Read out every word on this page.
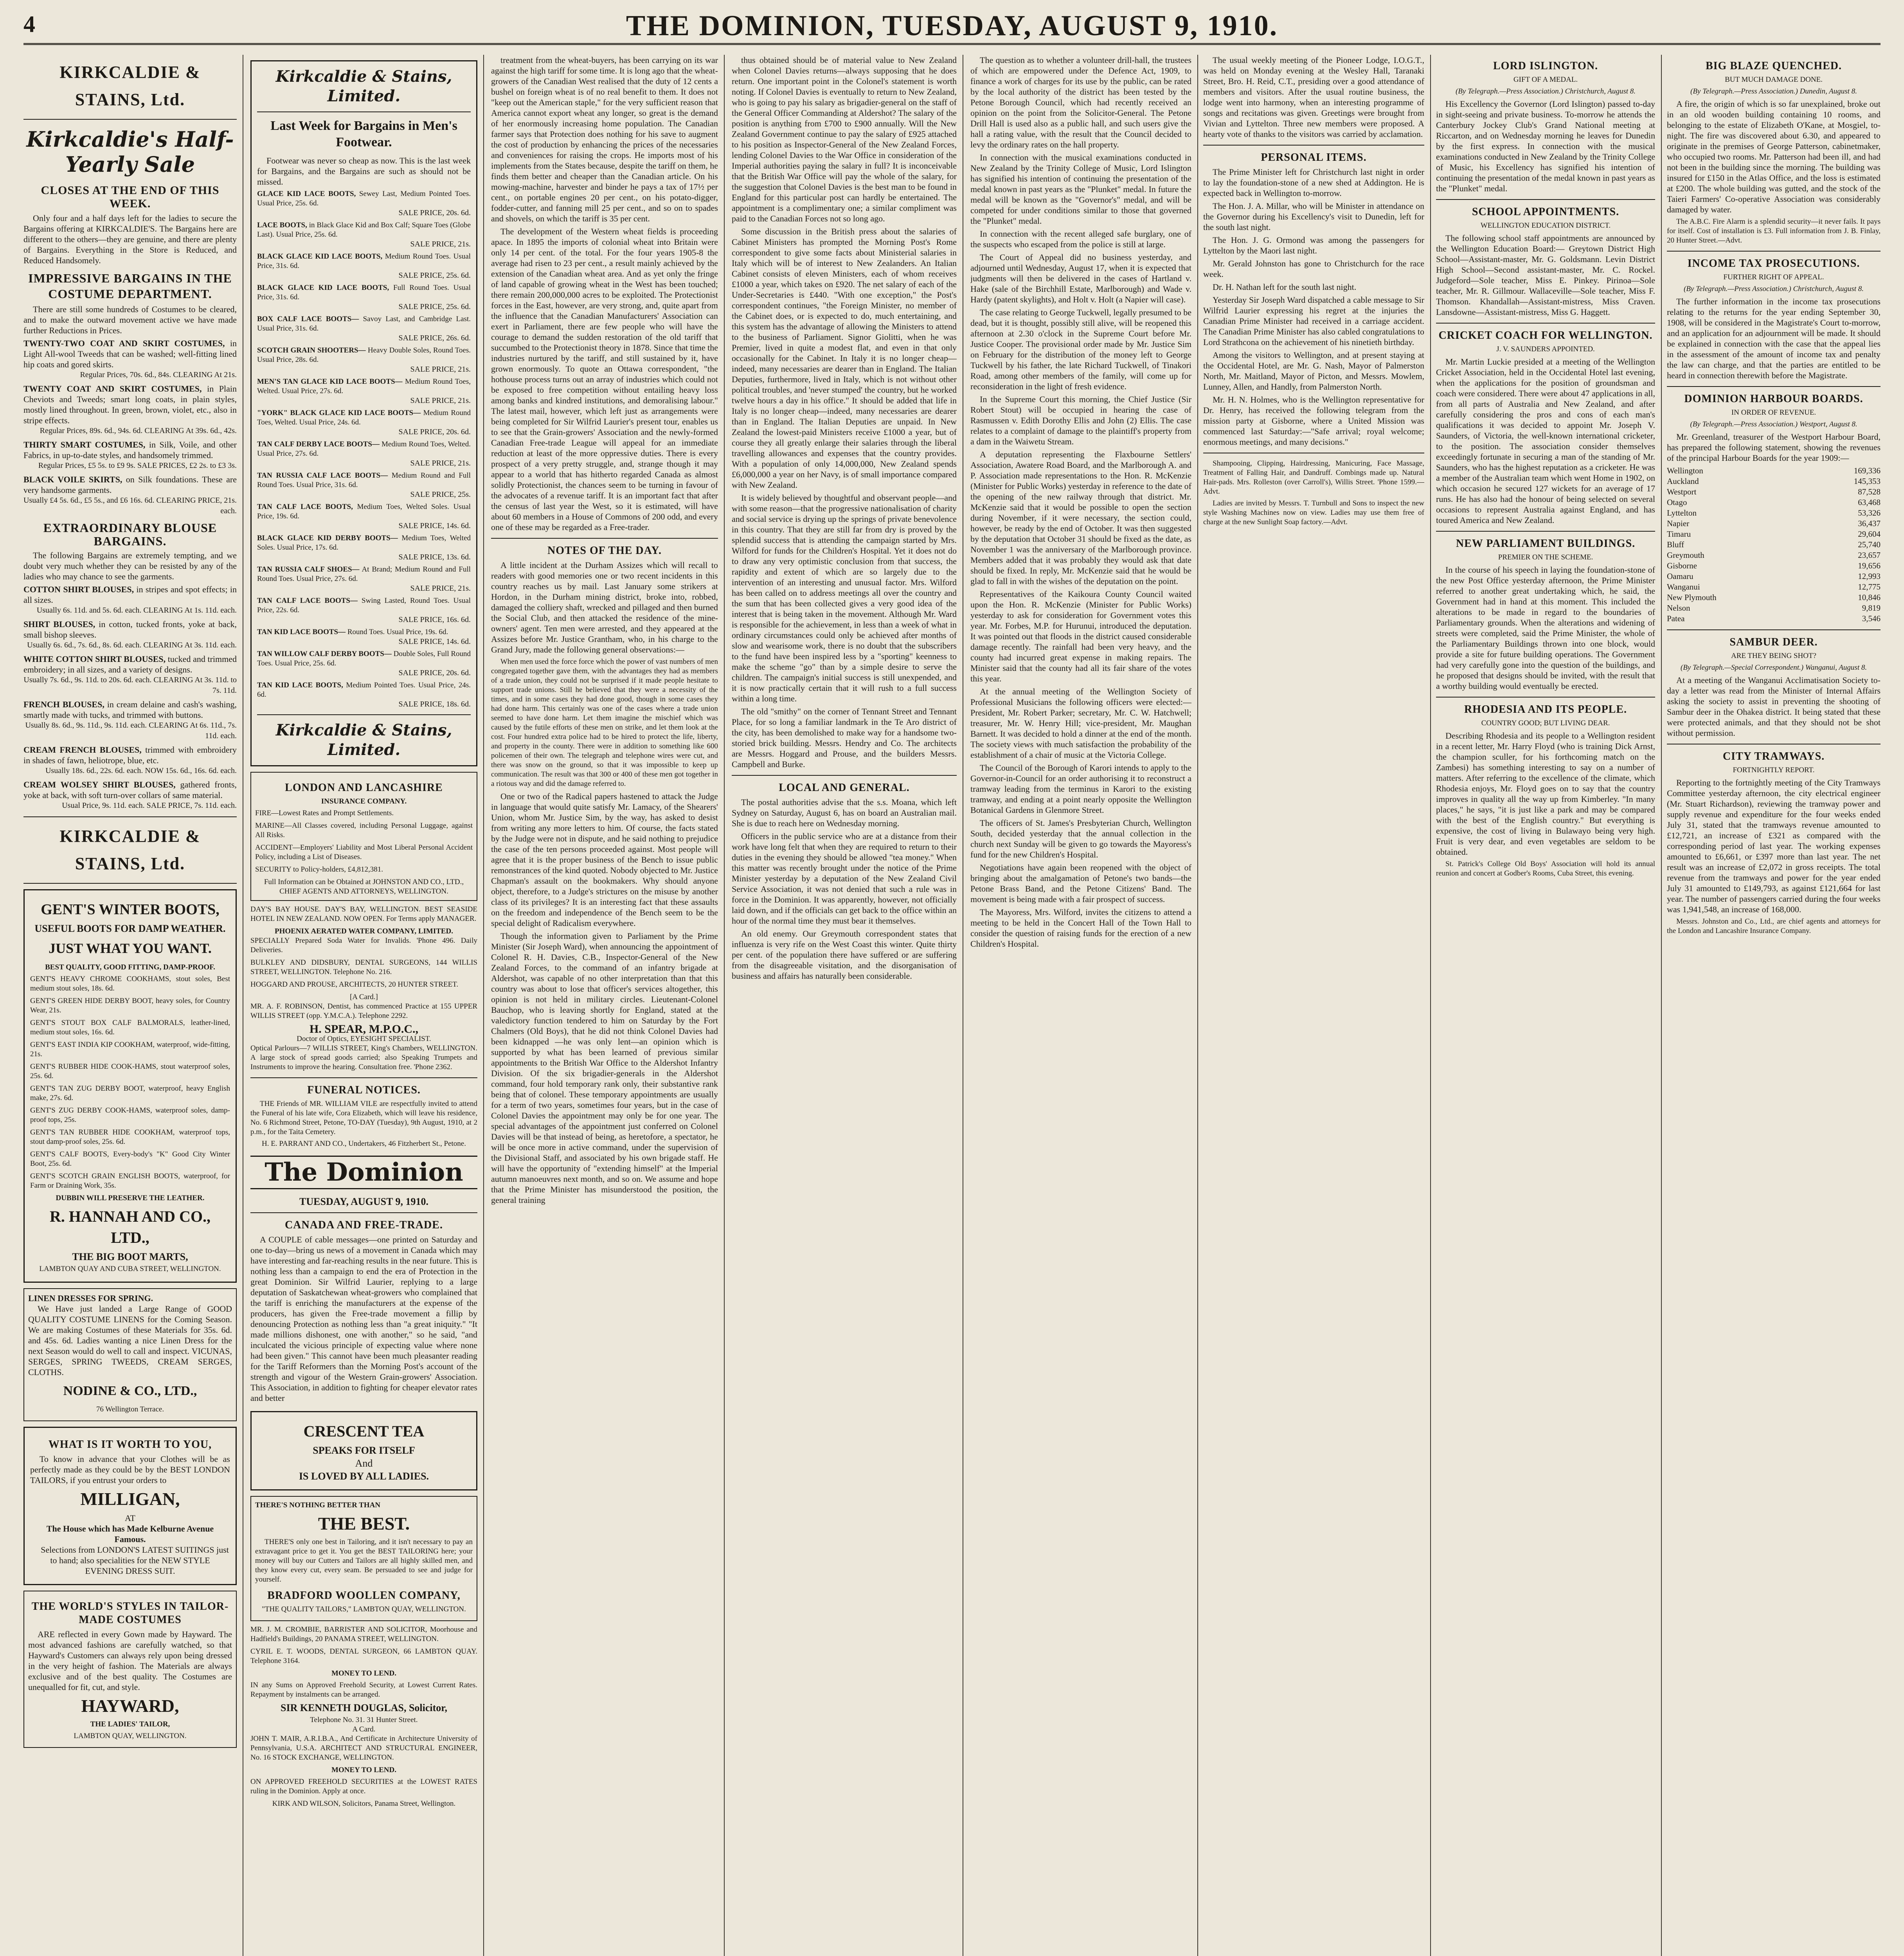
4	THE DOMINION, TUESDAY, AUGUST 9, 1910.
KIRKCALDIE & STAINS, Ltd.
Kirkcaldie's Half-Yearly Sale
CLOSES AT THE END OF THIS WEEK.

Only four and a half days left for the ladies to secure the Bargains offering at KIRKCALDIE'S. The Bargains here are different to the others—they are genuine, and there are plenty of Bargains. Everything in the Store is Reduced, and Reduced Handsomely.

IMPRESSIVE BARGAINS IN THE COSTUME DEPARTMENT.

There are still some hundreds of Costumes to be cleared, and to make the outward movement active we have made further Reductions in Prices.

TWENTY-TWO COAT AND SKIRT COSTUMES, in Light All-wool Tweeds that can be washed; well-fitting lined hip coats and gored skirts.
Regular Prices, 70s. 6d., 84s. CLEARING At 21s.
TWENTY COAT AND SKIRT COSTUMES, in Plain Cheviots and Tweeds; smart long coats, in plain styles, mostly lined throughout. In green, brown, violet, etc., also in stripe effects.
Regular Prices, 89s. 6d., 94s. 6d. CLEARING At 39s. 6d., 42s.
THIRTY SMART COSTUMES, in Silk, Voile, and other Fabrics, in up-to-date styles, and handsomely trimmed.
Regular Prices, £5 5s. to £9 9s. SALE PRICES, £2 2s. to £3 3s.
BLACK VOILE SKIRTS, on Silk foundations. These are very handsome garments.
Usually £4 5s. 6d., £5 5s., and £6 16s. 6d. CLEARING PRICE, 21s. each.
EXTRAORDINARY BLOUSE BARGAINS.

The following Bargains are extremely tempting, and we doubt very much whether they can be resisted by any of the ladies who may chance to see the garments.

COTTON SHIRT BLOUSES, in stripes and spot effects; in all sizes.
Usually 6s. 11d. and 5s. 6d. each. CLEARING At 1s. 11d. each.
SHIRT BLOUSES, in cotton, tucked fronts, yoke at back, small bishop sleeves.
Usually 6s. 6d., 7s. 6d., 8s. 6d. each. CLEARING At 3s. 11d. each.
WHITE COTTON SHIRT BLOUSES, tucked and trimmed embroidery; in all sizes, and a variety of designs.
Usually 7s. 6d., 9s. 11d. to 20s. 6d. each. CLEARING At 3s. 11d. to 7s. 11d.
FRENCH BLOUSES, in cream delaine and cash's washing, smartly made with tucks, and trimmed with buttons.
Usually 8s. 6d., 9s. 11d., 9s. 11d. each. CLEARING At 6s. 11d., 7s. 11d. each.
CREAM FRENCH BLOUSES, trimmed with embroidery in shades of fawn, heliotrope, blue, etc.
Usually 18s. 6d., 22s. 6d. each. NOW 15s. 6d., 16s. 6d. each.
CREAM WOLSEY SHIRT BLOUSES, gathered fronts, yoke at back, with soft turn-over collars of same material.
Usual Price, 9s. 11d. each. SALE PRICE, 7s. 11d. each.
KIRKCALDIE & STAINS, Ltd.
GENT'S WINTER BOOTS,
USEFUL BOOTS FOR DAMP WEATHER.
JUST WHAT YOU WANT.
BEST QUALITY, GOOD FITTING, DAMP-PROOF.
GENT'S HEAVY CHROME COOKHAMS, stout soles, Best medium stout soles, 18s. 6d.
GENT'S GREEN HIDE DERBY BOOT, heavy soles, for Country Wear, 21s.
GENT'S STOUT BOX CALF BALMORALS, leather-lined, medium stout soles, 16s. 6d.
GENT'S EAST INDIA KIP COOKHAM, waterproof, wide-fitting, 21s.
GENT'S RUBBER HIDE COOK-HAMS, stout waterproof soles, 25s. 6d.
GENT'S TAN ZUG DERBY BOOT, waterproof, heavy English make, 27s. 6d.
GENT'S ZUG DERBY COOK-HAMS, waterproof soles, damp-proof tops, 25s.
GENT'S TAN RUBBER HIDE COOKHAM, waterproof tops, stout damp-proof soles, 25s. 6d.
GENT'S CALF BOOTS, Every-body's "K" Good City Winter Boot, 25s. 6d.
GENT'S SCOTCH GRAIN ENGLISH BOOTS, waterproof, for Farm or Draining Work, 35s.
DUBBIN WILL PRESERVE THE LEATHER.
R. HANNAH AND CO., LTD.,
THE BIG BOOT MARTS,
LAMBTON QUAY AND CUBA STREET, WELLINGTON.
LINEN DRESSES FOR SPRING.

We Have just landed a Large Range of GOOD QUALITY COSTUME LINENS for the Coming Season. We are making Costumes of these Materials for 35s. 6d. and 45s. 6d. Ladies wanting a nice Linen Dress for the next Season would do well to call and inspect. VICUNAS, SERGES, SPRING TWEEDS, CREAM SERGES, CLOTHS.

NODINE & CO., LTD.,
76 Wellington Terrace.
WHAT IS IT WORTH TO YOU,

To know in advance that your Clothes will be as perfectly made as they could be by the BEST LONDON TAILORS, if you entrust your orders to

MILLIGAN,
AT
The House which has Made Kelburne Avenue Famous.

Selections from LONDON'S LATEST SUITINGS just to hand; also specialities for the NEW STYLE EVENING DRESS SUIT.

THE WORLD'S STYLES IN TAILOR-MADE COSTUMES

ARE reflected in every Gown made by Hayward. The most advanced fashions are carefully watched, so that Hayward's Customers can always rely upon being dressed in the very height of fashion. The Materials are always exclusive and of the best quality. The Costumes are unequalled for fit, cut, and style.

HAYWARD,
THE LADIES' TAILOR,
LAMBTON QUAY, WELLINGTON.
Kirkcaldie & Stains, Limited.
Last Week for Bargains in Men's Footwear.

Footwear was never so cheap as now. This is the last week for Bargains, and the Bargains are such as should not be missed.

GLACE KID LACE BOOTS, Sewey Last, Medium Pointed Toes. Usual Price, 25s. 6d.
SALE PRICE, 20s. 6d.
LACE BOOTS, in Black Glace Kid and Box Calf; Square Toes (Globe Last). Usual Price, 25s. 6d.
SALE PRICE, 21s.
BLACK GLACE KID LACE BOOTS, Medium Round Toes. Usual Price, 31s. 6d.
SALE PRICE, 25s. 6d.
BLACK GLACE KID LACE BOOTS, Full Round Toes. Usual Price, 31s. 6d.
SALE PRICE, 25s. 6d.
BOX CALF LACE BOOTS— Savoy Last, and Cambridge Last. Usual Price, 31s. 6d.
SALE PRICE, 26s. 6d.
SCOTCH GRAIN SHOOTERS— Heavy Double Soles, Round Toes. Usual Price, 28s. 6d.
SALE PRICE, 21s.
MEN'S TAN GLACE KID LACE BOOTS— Medium Round Toes, Welted. Usual Price, 27s. 6d.
SALE PRICE, 21s.
"YORK" BLACK GLACE KID LACE BOOTS— Medium Round Toes, Welted. Usual Price, 24s. 6d.
SALE PRICE, 20s. 6d.
TAN CALF DERBY LACE BOOTS— Medium Round Toes, Welted. Usual Price, 27s. 6d.
SALE PRICE, 21s.
TAN RUSSIA CALF LACE BOOTS— Medium Round and Full Round Toes. Usual Price, 31s. 6d.
SALE PRICE, 25s.
TAN CALF LACE BOOTS, Medium Toes, Welted Soles. Usual Price, 19s. 6d.
SALE PRICE, 14s. 6d.
BLACK GLACE KID DERBY BOOTS— Medium Toes, Welted Soles. Usual Price, 17s. 6d.
SALE PRICE, 13s. 6d.
TAN RUSSIA CALF SHOES— At Brand; Medium Round and Full Round Toes. Usual Price, 27s. 6d.
SALE PRICE, 21s.
TAN CALF LACE BOOTS— Swing Lasted, Round Toes. Usual Price, 22s. 6d.
SALE PRICE, 16s. 6d.
TAN KID LACE BOOTS— Round Toes. Usual Price, 19s. 6d.
SALE PRICE, 14s. 6d.
TAN WILLOW CALF DERBY BOOTS— Double Soles, Full Round Toes. Usual Price, 25s. 6d.
SALE PRICE, 20s. 6d.
TAN KID LACE BOOTS, Medium Pointed Toes. Usual Price, 24s. 6d.
SALE PRICE, 18s. 6d.
Kirkcaldie & Stains, Limited.
LONDON AND LANCASHIRE
INSURANCE COMPANY.
FIRE—Lowest Rates and Prompt Settlements.
MARINE—All Classes covered, including Personal Luggage, against All Risks.
ACCIDENT—Employers' Liability and Most Liberal Personal Accident Policy, including a List of Diseases.
SECURITY to Policy-holders, £4,812,381.
Full Information can be Obtained at JOHNSTON AND CO., LTD., CHIEF AGENTS AND ATTORNEYS, WELLINGTON.
DAY'S BAY HOUSE. DAY'S BAY, WELLINGTON. BEST SEASIDE HOTEL IN NEW ZEALAND. NOW OPEN. For Terms apply MANAGER.
PHOENIX AERATED WATER COMPANY, LIMITED.
SPECIALLY Prepared Soda Water for Invalids. 'Phone 496. Daily Deliveries.
BULKLEY AND DIDSBURY, DENTAL SURGEONS, 144 WILLIS STREET, WELLINGTON. Telephone No. 216.
HOGGARD AND PROUSE, ARCHITECTS, 20 HUNTER STREET.
[A Card.]
MR. A. F. ROBINSON, Dentist, has commenced Practice at 155 UPPER WILLIS STREET (opp. Y.M.C.A.). Telephone 2292.
H. SPEAR, M.P.O.C.,
Doctor of Optics, EYESIGHT SPECIALIST.
Optical Parlours—7 WILLIS STREET, King's Chambers, WELLINGTON. A large stock of spread goods carried; also Speaking Trumpets and Instruments to improve the hearing. Consultation free. 'Phone 2362.
FUNERAL NOTICES.

THE Friends of MR. WILLIAM VILE are respectfully invited to attend the Funeral of his late wife, Cora Elizabeth, which will leave his residence, No. 6 Richmond Street, Petone, TO-DAY (Tuesday), 9th August, 1910, at 2 p.m., for the Taita Cemetery.

H. E. PARRANT AND CO., Undertakers, 46 Fitzherbert St., Petone.
The Dominion
TUESDAY, AUGUST 9, 1910.
CANADA AND FREE-TRADE.

A COUPLE of cable messages—one printed on Saturday and one to-day—bring us news of a movement in Canada which may have interesting and far-reaching results in the near future. This is nothing less than a campaign to end the era of Protection in the great Dominion. Sir Wilfrid Laurier, replying to a large deputation of Saskatchewan wheat-growers who complained that the tariff is enriching the manufacturers at the expense of the producers, has given the Free-trade movement a fillip by denouncing Protection as nothing less than "a great iniquity." "It made millions dishonest, one with another," so he said, "and inculcated the vicious principle of expecting value where none had been given." This cannot have been much pleasanter reading for the Tariff Reformers than the Morning Post's account of the strength and vigour of the Western Grain-growers' Association. This Association, in addition to fighting for cheaper elevator rates and better

CRESCENT TEA
SPEAKS FOR ITSELF
And
IS LOVED BY ALL LADIES.
THERE'S NOTHING BETTER THAN
THE BEST.

THERE'S only one best in Tailoring, and it isn't necessary to pay an extravagant price to get it. You get the BEST TAILORING here; your money will buy our Cutters and Tailors are all highly skilled men, and they know every cut, every seam. Be persuaded to see and judge for yourself.

BRADFORD WOOLLEN COMPANY,
"THE QUALITY TAILORS," LAMBTON QUAY, WELLINGTON.
MR. J. M. CROMBIE, BARRISTER AND SOLICITOR, Moorhouse and Hadfield's Buildings, 20 PANAMA STREET, WELLINGTON.
CYRIL E. T. WOODS, DENTAL SURGEON, 66 LAMBTON QUAY. Telephone 3164.
MONEY TO LEND.
IN any Sums on Approved Freehold Security, at Lowest Current Rates. Repayment by instalments can be arranged.
SIR KENNETH DOUGLAS, Solicitor,
Telephone No. 31. 31 Hunter Street.
A Card.
JOHN T. MAIR, A.R.I.B.A., And Certificate in Architecture University of Pennsylvania, U.S.A. ARCHITECT AND STRUCTURAL ENGINEER, No. 16 STOCK EXCHANGE, WELLINGTON.
MONEY TO LEND.
ON APPROVED FREEHOLD SECURITIES at the LOWEST RATES ruling in the Dominion. Apply at once.
KIRK AND WILSON, Solicitors, Panama Street, Wellington.

treatment from the wheat-buyers, has been carrying on its war against the high tariff for some time. It is long ago that the wheat-growers of the Canadian West realised that the duty of 12 cents a bushel on foreign wheat is of no real benefit to them. It does not "keep out the American staple," for the very sufficient reason that America cannot export wheat any longer, so great is the demand of her enormously increasing home population. The Canadian farmer says that Protection does nothing for his save to augment the cost of production by enhancing the prices of the necessaries and conveniences for raising the crops. He imports most of his implements from the States because, despite the tariff on them, he finds them better and cheaper than the Canadian article. On his mowing-machine, harvester and binder he pays a tax of 17½ per cent., on portable engines 20 per cent., on his potato-digger, fodder-cutter, and fanning mill 25 per cent., and so on to spades and shovels, on which the tariff is 35 per cent.

The development of the Western wheat fields is proceeding apace. In 1895 the imports of colonial wheat into Britain were only 14 per cent. of the total. For the four years 1905-8 the average had risen to 23 per cent., a result mainly achieved by the extension of the Canadian wheat area. And as yet only the fringe of land capable of growing wheat in the West has been touched; there remain 200,000,000 acres to be exploited. The Protectionist forces in the East, however, are very strong, and, quite apart from the influence that the Canadian Manufacturers' Association can exert in Parliament, there are few people who will have the courage to demand the sudden restoration of the old tariff that succumbed to the Protectionist theory in 1878. Since that time the industries nurtured by the tariff, and still sustained by it, have grown enormously. To quote an Ottawa correspondent, "the hothouse process turns out an array of industries which could not be exposed to free competition without entailing heavy loss among banks and kindred institutions, and demoralising labour." The latest mail, however, which left just as arrangements were being completed for Sir Wilfrid Laurier's present tour, enables us to see that the Grain-growers' Association and the newly-formed Canadian Free-trade League will appeal for an immediate reduction at least of the more oppressive duties. There is every prospect of a very pretty struggle, and, strange though it may appear to a world that has hitherto regarded Canada as almost solidly Protectionist, the chances seem to be turning in favour of the advocates of a revenue tariff. It is an important fact that after the census of last year the West, so it is estimated, will have about 60 members in a House of Commons of 200 odd, and every one of these may be regarded as a Free-trader.

NOTES OF THE DAY.

A little incident at the Durham Assizes which will recall to readers with good memories one or two recent incidents in this country reaches us by mail. Last January some strikers at Hordon, in the Durham mining district, broke into, robbed, damaged the colliery shaft, wrecked and pillaged and then burned the Social Club, and then attacked the residence of the mine-owners' agent. Ten men were arrested, and they appeared at the Assizes before Mr. Justice Grantham, who, in his charge to the Grand Jury, made the following general observations:—

When men used the force force which the power of vast numbers of men congregated together gave them, with the advantages they had as members of a trade union, they could not be surprised if it made people hesitate to support trade unions. Still he believed that they were a necessity of the times, and in some cases they had done good, though in some cases they had done harm. This certainly was one of the cases where a trade union seemed to have done harm. Let them imagine the mischief which was caused by the futile efforts of these men on strike, and let them look at the cost. Four hundred extra police had to be hired to protect the life, liberty, and property in the county. There were in addition to something like 600 policemen of their own. The telegraph and telephone wires were cut, and there was snow on the ground, so that it was impossible to keep up communication. The result was that 300 or 400 of these men got together in a riotous way and did the damage referred to.

One or two of the Radical papers hastened to attack the Judge in language that would quite satisfy Mr. Lamacy, of the Shearers' Union, whom Mr. Justice Sim, by the way, has asked to desist from writing any more letters to him. Of course, the facts stated by the Judge were not in dispute, and he said nothing to prejudice the case of the ten persons proceeded against. Most people will agree that it is the proper business of the Bench to issue public remonstrances of the kind quoted. Nobody objected to Mr. Justice Chapman's assault on the bookmakers. Why should anyone object, therefore, to a Judge's strictures on the misuse by another class of its privileges? It is an interesting fact that these assaults on the freedom and independence of the Bench seem to be the special delight of Radicalism everywhere.

Though the information given to Parliament by the Prime Minister (Sir Joseph Ward), when announcing the appointment of Colonel R. H. Davies, C.B., Inspector-General of the New Zealand Forces, to the command of an infantry brigade at Aldershot, was capable of no other interpretation than that this country was about to lose that officer's services altogether, this opinion is not held in military circles. Lieutenant-Colonel Bauchop, who is leaving shortly for England, stated at the valedictory function tendered to him on Saturday by the Fort Chalmers (Old Boys), that he did not think Colonel Davies had been kidnapped —he was only lent—an opinion which is supported by what has been learned of previous similar appointments to the British War Office to the Aldershot Infantry Division. Of the six brigadier-generals in the Aldershot command, four hold temporary rank only, their substantive rank being that of colonel. These temporary appointments are usually for a term of two years, sometimes four years, but in the case of Colonel Davies the appointment may only be for one year. The special advantages of the appointment just conferred on Colonel Davies will be that instead of being, as heretofore, a spectator, he will be once more in active command, under the supervision of the Divisional Staff, and associated by his own brigade staff. He will have the opportunity of "extending himself" at the Imperial autumn manoeuvres next month, and so on. We assume and hope that the Prime Minister has misunderstood the position, the general training

thus obtained should be of material value to New Zealand when Colonel Davies returns—always supposing that he does return. One important point in the Colonel's statement is worth noting. If Colonel Davies is eventually to return to New Zealand, who is going to pay his salary as brigadier-general on the staff of the General Officer Commanding at Aldershot? The salary of the position is anything from £700 to £900 annually. Will the New Zealand Government continue to pay the salary of £925 attached to his position as Inspector-General of the New Zealand Forces, lending Colonel Davies to the War Office in consideration of the Imperial authorities paying the salary in full? It is inconceivable that the British War Office will pay the whole of the salary, for the suggestion that Colonel Davies is the best man to be found in England for this particular post can hardly be entertained. The appointment is a complimentary one; a similar compliment was paid to the Canadian Forces not so long ago.

Some discussion in the British press about the salaries of Cabinet Ministers has prompted the Morning Post's Rome correspondent to give some facts about Ministerial salaries in Italy which will be of interest to New Zealanders. An Italian Cabinet consists of eleven Ministers, each of whom receives £1000 a year, which takes on £920. The net salary of each of the Under-Secretaries is £440. "With one exception," the Post's correspondent continues, "the Foreign Minister, no member of the Cabinet does, or is expected to do, much entertaining, and this system has the advantage of allowing the Ministers to attend to the business of Parliament. Signor Giolitti, when he was Premier, lived in quite a modest flat, and even in that only occasionally for the Cabinet. In Italy it is no longer cheap—indeed, many necessaries are dearer than in England. The Italian Deputies, furthermore, lived in Italy, which is not without other political troubles, and 'never stumped' the country, but he worked twelve hours a day in his office." It should be added that life in Italy is no longer cheap—indeed, many necessaries are dearer than in England. The Italian Deputies are unpaid. In New Zealand the lowest-paid Ministers receive £1000 a year, but of course they all greatly enlarge their salaries through the liberal travelling allowances and expenses that the country provides. With a population of only 14,000,000, New Zealand spends £6,000,000 a year on her Navy, is of small importance compared with New Zealand.

It is widely believed by thoughtful and observant people—and with some reason—that the progressive nationalisation of charity and social service is drying up the springs of private benevolence in this country. That they are still far from dry is proved by the splendid success that is attending the campaign started by Mrs. Wilford for funds for the Children's Hospital. Yet it does not do to draw any very optimistic conclusion from that success, the rapidity and extent of which are so largely due to the intervention of an interesting and unusual factor. Mrs. Wilford has been called on to address meetings all over the country and the sum that has been collected gives a very good idea of the interest that is being taken in the movement. Although Mr. Ward is responsible for the achievement, in less than a week of what in ordinary circumstances could only be achieved after months of slow and wearisome work, there is no doubt that the subscribers to the fund have been inspired less by a "sporting" keenness to make the scheme "go" than by a simple desire to serve the children. The campaign's initial success is still unexpended, and it is now practically certain that it will rush to a full success within a long time.

The old "smithy" on the corner of Tennant Street and Tennant Place, for so long a familiar landmark in the Te Aro district of the city, has been demolished to make way for a handsome two-storied brick building. Messrs. Hendry and Co. The architects are Messrs. Hoggard and Prouse, and the builders Messrs. Campbell and Burke.

LOCAL AND GENERAL.

The postal authorities advise that the s.s. Moana, which left Sydney on Saturday, August 6, has on board an Australian mail. She is due to reach here on Wednesday morning.

Officers in the public service who are at a distance from their work have long felt that when they are required to return to their duties in the evening they should be allowed "tea money." When this matter was recently brought under the notice of the Prime Minister yesterday by a deputation of the New Zealand Civil Service Association, it was not denied that such a rule was in force in the Dominion. It was apparently, however, not officially laid down, and if the officials can get back to the office within an hour of the normal time they must bear it themselves.

An old enemy. Our Greymouth correspondent states that influenza is very rife on the West Coast this winter. Quite thirty per cent. of the population there have suffered or are suffering from the disagreeable visitation, and the disorganisation of business and affairs has naturally been considerable.

The question as to whether a volunteer drill-hall, the trustees of which are empowered under the Defence Act, 1909, to finance a work of charges for its use by the public, can be rated by the local authority of the district has been tested by the Petone Borough Council, which had recently received an opinion on the point from the Solicitor-General. The Petone Drill Hall is used also as a public hall, and such users give the hall a rating value, with the result that the Council decided to levy the ordinary rates on the hall property.

In connection with the musical examinations conducted in New Zealand by the Trinity College of Music, Lord Islington has signified his intention of continuing the presentation of the medal known in past years as the "Plunket" medal. In future the medal will be known as the "Governor's" medal, and will be competed for under conditions similar to those that governed the "Plunket" medal.

In connection with the recent alleged safe burglary, one of the suspects who escaped from the police is still at large.

The Court of Appeal did no business yesterday, and adjourned until Wednesday, August 17, when it is expected that judgments will then be delivered in the cases of Hartland v. Hake (sale of the Birchhill Estate, Marlborough) and Wade v. Hardy (patent skylights), and Holt v. Holt (a Napier will case).

The case relating to George Tuckwell, legally presumed to be dead, but it is thought, possibly still alive, will be reopened this afternoon at 2.30 o'clock in the Supreme Court before Mr. Justice Cooper. The provisional order made by Mr. Justice Sim on February for the distribution of the money left to George Tuckwell by his father, the late Richard Tuckwell, of Tinakori Road, among other members of the family, will come up for reconsideration in the light of fresh evidence.

In the Supreme Court this morning, the Chief Justice (Sir Robert Stout) will be occupied in hearing the case of Rasmussen v. Edith Dorothy Ellis and John (2) Ellis. The case relates to a complaint of damage to the plaintiff's property from a dam in the Waiwetu Stream.

A deputation representing the Flaxbourne Settlers' Association, Awatere Road Board, and the Marlborough A. and P. Association made representations to the Hon. R. McKenzie (Minister for Public Works) yesterday in reference to the date of the opening of the new railway through that district. Mr. McKenzie said that it would be possible to open the section during November, if it were necessary, the section could, however, be ready by the end of October. It was then suggested by the deputation that October 31 should be fixed as the date, as November 1 was the anniversary of the Marlborough province. Members added that it was probably they would ask that date should be fixed. In reply, Mr. McKenzie said that he would be glad to fall in with the wishes of the deputation on the point.

Representatives of the Kaikoura County Council waited upon the Hon. R. McKenzie (Minister for Public Works) yesterday to ask for consideration for Government votes this year. Mr. Forbes, M.P. for Hurunui, introduced the deputation. It was pointed out that floods in the district caused considerable damage recently. The rainfall had been very heavy, and the county had incurred great expense in making repairs. The Minister said that the county had all its fair share of the votes this year.

At the annual meeting of the Wellington Society of Professional Musicians the following officers were elected:—President, Mr. Robert Parker; secretary, Mr. C. W. Hatchwell; treasurer, Mr. W. Henry Hill; vice-president, Mr. Maughan Barnett. It was decided to hold a dinner at the end of the month. The society views with much satisfaction the probability of the establishment of a chair of music at the Victoria College.

The Council of the Borough of Karori intends to apply to the Governor-in-Council for an order authorising it to reconstruct a tramway leading from the terminus in Karori to the existing tramway, and ending at a point nearly opposite the Wellington Botanical Gardens in Glenmore Street.

The officers of St. James's Presbyterian Church, Wellington South, decided yesterday that the annual collection in the church next Sunday will be given to go towards the Mayoress's fund for the new Children's Hospital.

Negotiations have again been reopened with the object of bringing about the amalgamation of Petone's two bands—the Petone Brass Band, and the Petone Citizens' Band. The movement is being made with a fair prospect of success.

The Mayoress, Mrs. Wilford, invites the citizens to attend a meeting to be held in the Concert Hall of the Town Hall to consider the question of raising funds for the erection of a new Children's Hospital.

The usual weekly meeting of the Pioneer Lodge, I.O.G.T., was held on Monday evening at the Wesley Hall, Taranaki Street, Bro. H. Reid, C.T., presiding over a good attendance of members and visitors. After the usual routine business, the lodge went into harmony, when an interesting programme of songs and recitations was given. Greetings were brought from Vivian and Lyttelton. Three new members were proposed. A hearty vote of thanks to the visitors was carried by acclamation.

PERSONAL ITEMS.

The Prime Minister left for Christchurch last night in order to lay the foundation-stone of a new shed at Addington. He is expected back in Wellington to-morrow.

The Hon. J. A. Millar, who will be Minister in attendance on the Governor during his Excellency's visit to Dunedin, left for the south last night.

The Hon. J. G. Ormond was among the passengers for Lyttelton by the Maori last night.

Mr. Gerald Johnston has gone to Christchurch for the race week.

Dr. H. Nathan left for the south last night.

Yesterday Sir Joseph Ward dispatched a cable message to Sir Wilfrid Laurier expressing his regret at the injuries the Canadian Prime Minister had received in a carriage accident. The Canadian Prime Minister has also cabled congratulations to Lord Strathcona on the achievement of his ninetieth birthday.

Among the visitors to Wellington, and at present staying at the Occidental Hotel, are Mr. G. Nash, Mayor of Palmerston North, Mr. Maitland, Mayor of Picton, and Messrs. Mowlem, Lunney, Allen, and Handly, from Palmerston North.

Mr. H. N. Holmes, who is the Wellington representative for Dr. Henry, has received the following telegram from the mission party at Gisborne, where a United Mission was commenced last Saturday:—"Safe arrival; royal welcome; enormous meetings, and many decisions."

Shampooing, Clipping, Hairdressing, Manicuring, Face Massage, Treatment of Falling Hair, and Dandruff. Combings made up. Natural Hair-pads. Mrs. Rolleston (over Carroll's), Willis Street. 'Phone 1599.—Advt.

Ladies are invited by Messrs. T. Turnbull and Sons to inspect the new style Washing Machines now on view. Ladies may use them free of charge at the new Sunlight Soap factory.—Advt.

LORD ISLINGTON.
GIFT OF A MEDAL.
(By Telegraph.—Press Association.) Christchurch, August 8.

His Excellency the Governor (Lord Islington) passed to-day in sight-seeing and private business. To-morrow he attends the Canterbury Jockey Club's Grand National meeting at Riccarton, and on Wednesday morning he leaves for Dunedin by the first express. In connection with the musical examinations conducted in New Zealand by the Trinity College of Music, his Excellency has signified his intention of continuing the presentation of the medal known in past years as the "Plunket" medal.

SCHOOL APPOINTMENTS.
WELLINGTON EDUCATION DISTRICT.

The following school staff appointments are announced by the Wellington Education Board:— Greytown District High School—Assistant-master, Mr. G. Goldsmann. Levin District High School—Second assistant-master, Mr. C. Rockel. Judgeford—Sole teacher, Miss E. Pinkey. Pirinoa—Sole teacher, Mr. R. Gillmour. Wallaceville—Sole teacher, Miss F. Thomson. Khandallah—Assistant-mistress, Miss Craven. Lansdowne—Assistant-mistress, Miss G. Haggett.

CRICKET COACH FOR WELLINGTON.
J. V. SAUNDERS APPOINTED.

Mr. Martin Luckie presided at a meeting of the Wellington Cricket Association, held in the Occidental Hotel last evening, when the applications for the position of groundsman and coach were considered. There were about 47 applications in all, from all parts of Australia and New Zealand, and after carefully considering the pros and cons of each man's qualifications it was decided to appoint Mr. Joseph V. Saunders, of Victoria, the well-known international cricketer, to the position. The association consider themselves exceedingly fortunate in securing a man of the standing of Mr. Saunders, who has the highest reputation as a cricketer. He was a member of the Australian team which went Home in 1902, on which occasion he secured 127 wickets for an average of 17 runs. He has also had the honour of being selected on several occasions to represent Australia against England, and has toured America and New Zealand.

NEW PARLIAMENT BUILDINGS.
PREMIER ON THE SCHEME.

In the course of his speech in laying the foundation-stone of the new Post Office yesterday afternoon, the Prime Minister referred to another great undertaking which, he said, the Government had in hand at this moment. This included the alterations to be made in regard to the boundaries of Parliamentary grounds. When the alterations and widening of streets were completed, said the Prime Minister, the whole of the Parliamentary Buildings thrown into one block, would provide a site for future building operations. The Government had very carefully gone into the question of the buildings, and he proposed that designs should be invited, with the result that a worthy building would eventually be erected.

RHODESIA AND ITS PEOPLE.
COUNTRY GOOD; BUT LIVING DEAR.

Describing Rhodesia and its people to a Wellington resident in a recent letter, Mr. Harry Floyd (who is training Dick Arnst, the champion sculler, for his forthcoming match on the Zambesi) has something interesting to say on a number of matters. After referring to the excellence of the climate, which Rhodesia enjoys, Mr. Floyd goes on to say that the country improves in quality all the way up from Kimberley. "In many places," he says, "it is just like a park and may be compared with the best of the English country." But everything is expensive, the cost of living in Bulawayo being very high. Fruit is very dear, and even vegetables are seldom to be obtained.

St. Patrick's College Old Boys' Association will hold its annual reunion and concert at Godber's Rooms, Cuba Street, this evening.

BIG BLAZE QUENCHED.
BUT MUCH DAMAGE DONE.
(By Telegraph.—Press Association.) Dunedin, August 8.

A fire, the origin of which is so far unexplained, broke out in an old wooden building containing 10 rooms, and belonging to the estate of Elizabeth O'Kane, at Mosgiel, to-night. The fire was discovered about 6.30, and appeared to originate in the premises of George Patterson, cabinetmaker, who occupied two rooms. Mr. Patterson had been ill, and had not been in the building since the morning. The building was insured for £150 in the Atlas Office, and the loss is estimated at £200. The whole building was gutted, and the stock of the Taieri Farmers' Co-operative Association was considerably damaged by water.

The A.B.C. Fire Alarm is a splendid security—it never fails. It pays for itself. Cost of installation is £3. Full information from J. B. Finlay, 20 Hunter Street.—Advt.

INCOME TAX PROSECUTIONS.
FURTHER RIGHT OF APPEAL.
(By Telegraph.—Press Association.) Christchurch, August 8.

The further information in the income tax prosecutions relating to the returns for the year ending September 30, 1908, will be considered in the Magistrate's Court to-morrow, and an application for an adjournment will be made. It should be explained in connection with the case that the appeal lies in the assessment of the amount of income tax and penalty the law can charge, and that the parties are entitled to be heard in connection therewith before the Magistrate.

DOMINION HARBOUR BOARDS.
IN ORDER OF REVENUE.
(By Telegraph.—Press Association.) Westport, August 8.

Mr. Greenland, treasurer of the Westport Harbour Board, has prepared the following statement, showing the revenues of the principal Harbour Boards for the year 1909:—

Wellington	169,336
Auckland	145,353
Westport	87,528
Otago	63,468
Lyttelton	53,326
Napier	36,437
Timaru	29,604
Bluff	25,740
Greymouth	23,657
Gisborne	19,656
Oamaru	12,993
Wanganui	12,775
New Plymouth	10,846
Nelson	9,819
Patea	3,546
SAMBUR DEER.
ARE THEY BEING SHOT?
(By Telegraph.—Special Correspondent.) Wanganui, August 8.

At a meeting of the Wanganui Acclimatisation Society to-day a letter was read from the Minister of Internal Affairs asking the society to assist in preventing the shooting of Sambur deer in the Ohakea district. It being stated that these were protected animals, and that they should not be shot without permission.

CITY TRAMWAYS.
FORTNIGHTLY REPORT.

Reporting to the fortnightly meeting of the City Tramways Committee yesterday afternoon, the city electrical engineer (Mr. Stuart Richardson), reviewing the tramway power and supply revenue and expenditure for the four weeks ended July 31, stated that the tramways revenue amounted to £12,721, an increase of £321 as compared with the corresponding period of last year. The working expenses amounted to £6,661, or £397 more than last year. The net result was an increase of £2,072 in gross receipts. The total revenue from the tramways and power for the year ended July 31 amounted to £149,793, as against £121,664 for last year. The number of passengers carried during the four weeks was 1,941,548, an increase of 168,000.

Messrs. Johnston and Co., Ltd., are chief agents and attorneys for the London and Lancashire Insurance Company.
